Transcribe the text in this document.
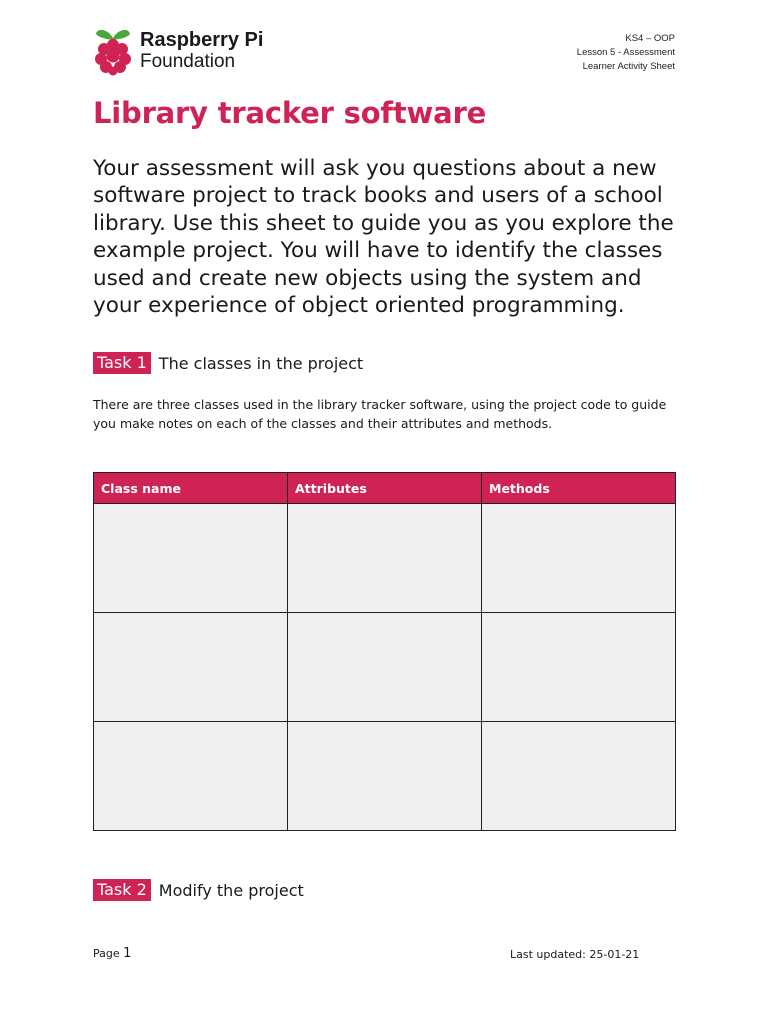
Raspberry Pi
Foundation
KS4 – OOP
Lesson 5 - Assessment
Learner Activity Sheet
Library tracker software

Your assessment will ask you questions about a new software project to track books and users of a school library. Use this sheet to guide you as you explore the example project. You will have to identify the classes used and create new objects using the system and your experience of object oriented programming.

Task 1 The classes in the project

There are three classes used in the library tracker software, using the project code to guide you make notes on each of the classes and their attributes and methods.

Class name	Attributes	Methods

Task 2 Modify the project
Page 1	Last updated: 25-01-21
